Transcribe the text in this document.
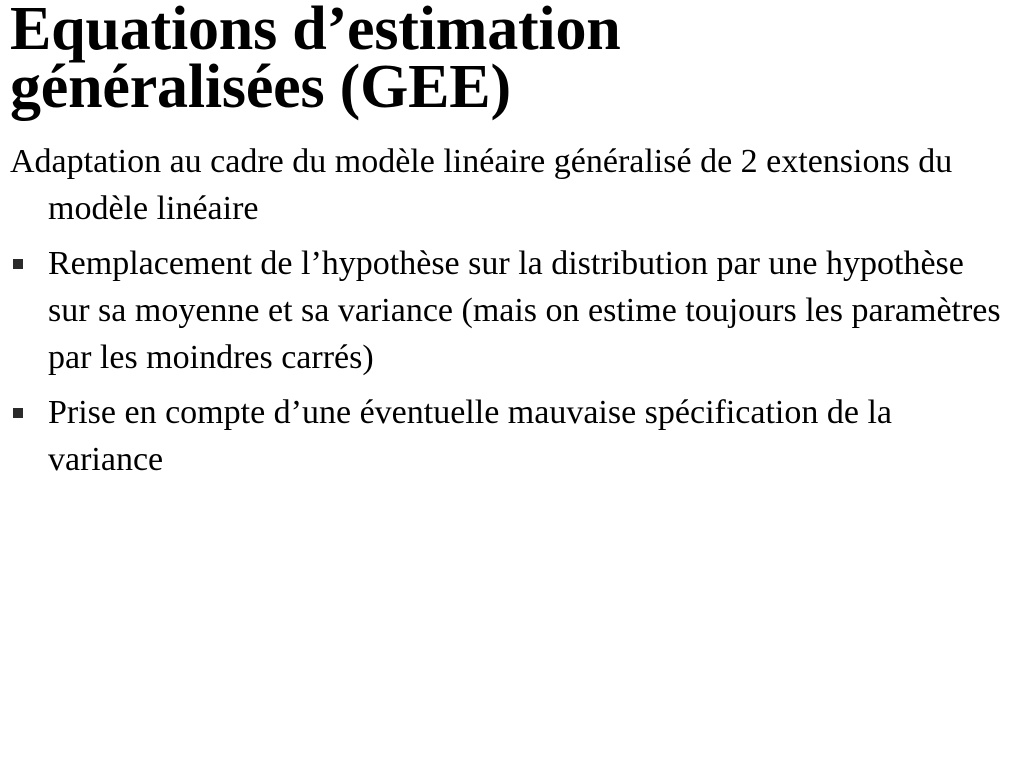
Equations d’estimation
généralisées (GEE)

Adaptation au cadre du modèle linéaire généralisé de 2 extensions du modèle linéaire

Remplacement de l’hypothèse sur la distribution par une hypothèse sur sa moyenne et sa variance (mais on estime toujours les paramètres par les moindres carrés)
Prise en compte d’une éventuelle mauvaise spécification de la variance
